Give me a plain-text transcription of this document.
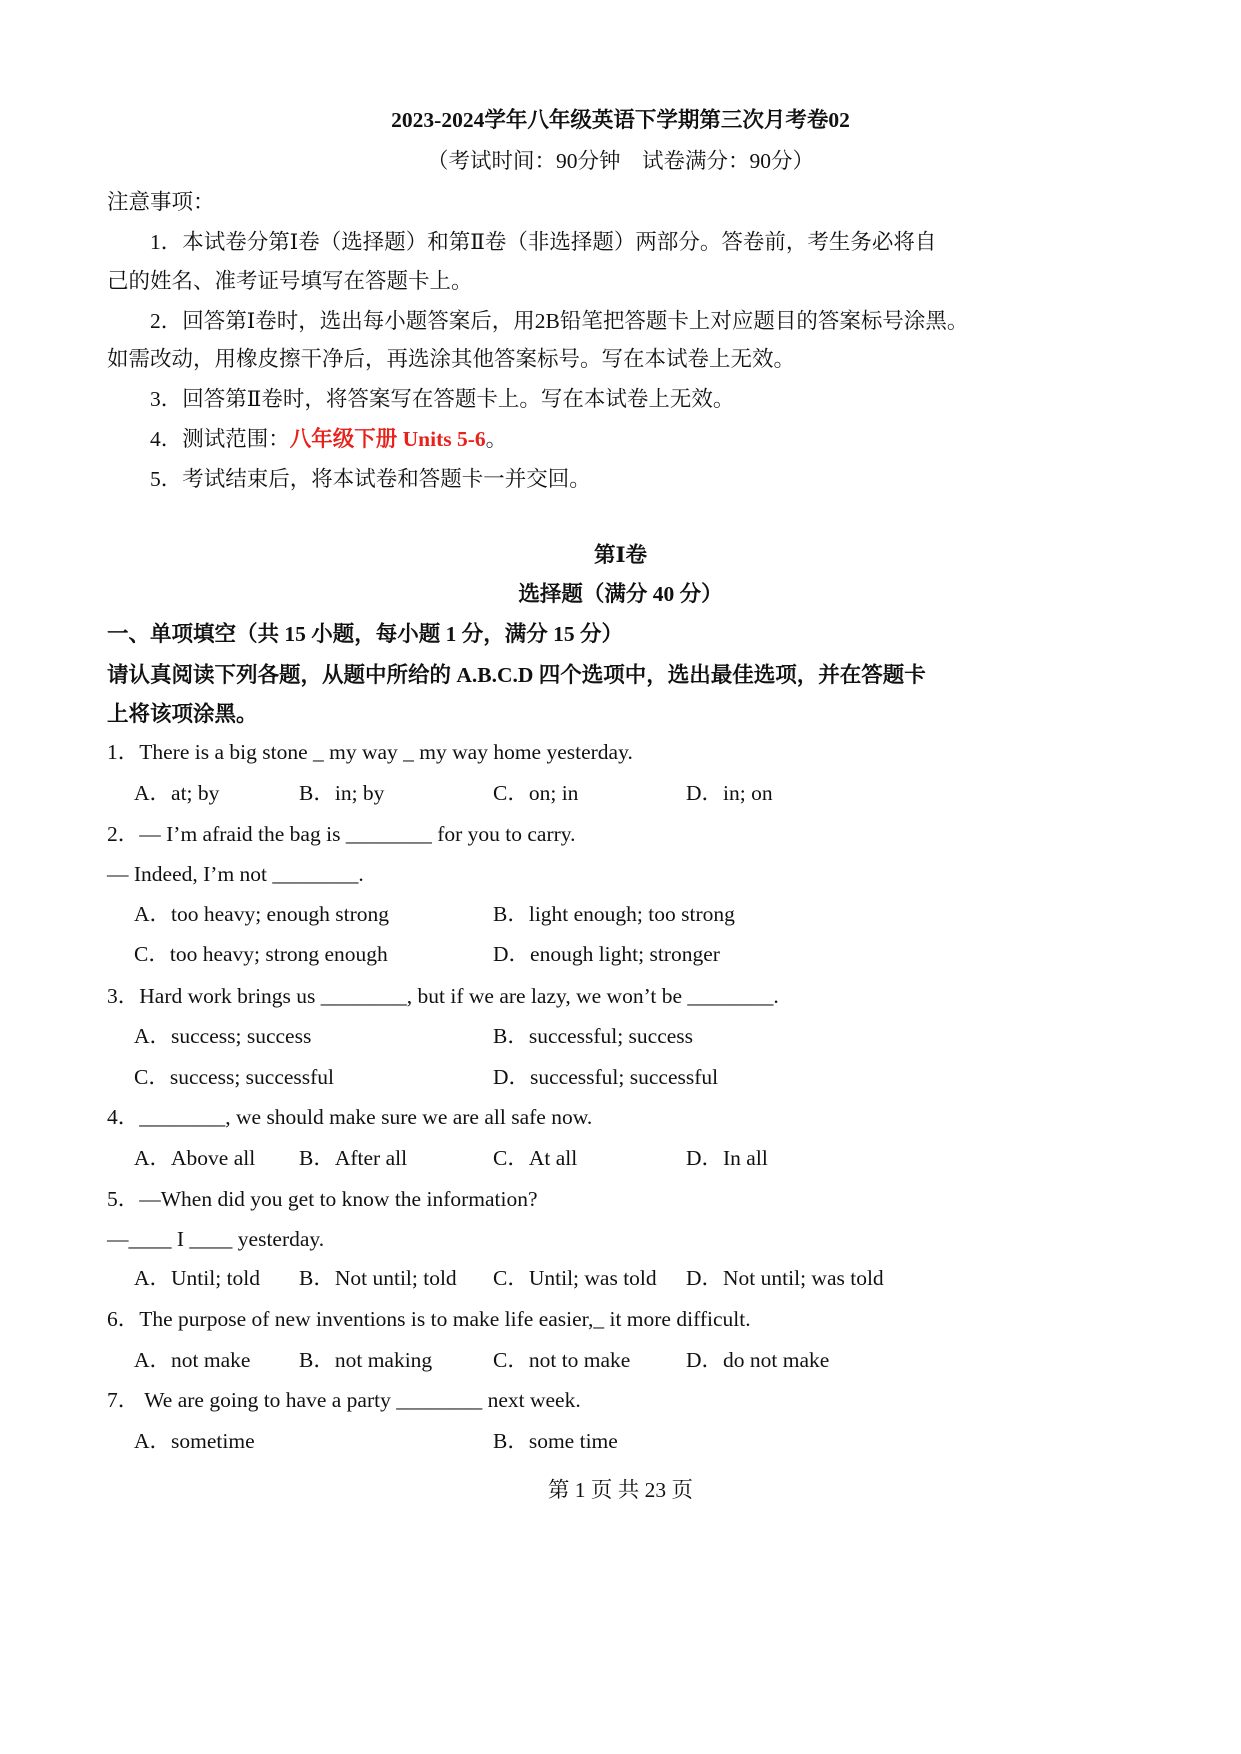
2023-2024学年八年级英语下学期第三次月考卷02
（考试时间：90分钟　试卷满分：90分）
注意事项：
1．本试卷分第Ⅰ卷（选择题）和第Ⅱ卷（非选择题）两部分。答卷前，考生务必将自
己的姓名、准考证号填写在答题卡上。
2．回答第Ⅰ卷时，选出每小题答案后，用2B铅笔把答题卡上对应题目的答案标号涂黑。
如需改动，用橡皮擦干净后，再选涂其他答案标号。写在本试卷上无效。
3．回答第Ⅱ卷时，将答案写在答题卡上。写在本试卷上无效。
4．测试范围：八年级下册 Units 5-6。
5．考试结束后，将本试卷和答题卡一并交回。
第Ⅰ卷
选择题（满分 40 分）
一、单项填空（共 15 小题，每小题 1 分，满分 15 分）
请认真阅读下列各题，从题中所给的 A.B.C.D 四个选项中，选出最佳选项，并在答题卡
上将该项涂黑。
1．There is a big stone _ my way _ my way home yesterday.
A．at; by	B．in; by	C．on; in	D．in; on
2．— I’m afraid the bag is ________ for you to carry.
— Indeed, I’m not ________.
A．too heavy; enough strong	B．light enough; too strong
C．too heavy; strong enough	D．enough light; stronger
3．Hard work brings us ________, but if we are lazy, we won’t be ________.
A．success; success	B．successful; success
C．success; successful	D．successful; successful
4．________, we should make sure we are all safe now.
A．Above all B．After all	C．At all	D．In all
5．—When did you get to know the information?
—____ I ____ yesterday.
A．Until; told B．Not until; told C．Until; was told D．Not until; was told
6．The purpose of new inventions is to make life easier,_ it more difficult.
A．not make B．not making	C．not to make	D．do not make
7． We are going to have a party ________ next week.
A．sometime	B．some time
第 1 页 共 23 页
